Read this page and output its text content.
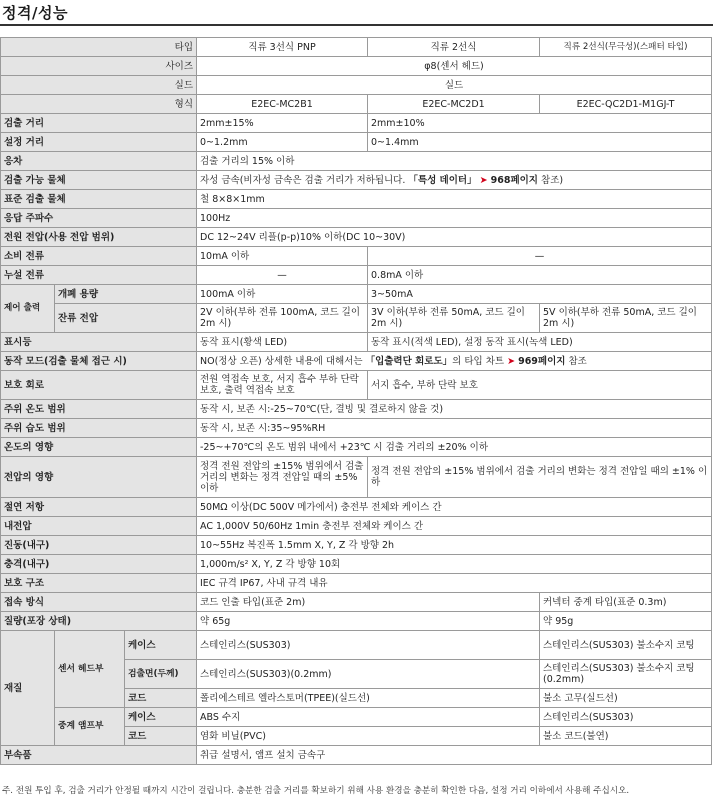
정격/성능
타입			직류 3선식 PNP	직류 2선식	직류 2선식(무극성)(스패터 타입)
사이즈			φ8(센서 헤드)		
실드			실드		
형식			E2EC-MC2B1	E2EC-MC2D1	E2EC-QC2D1-M1GJ-T
검출 거리			2mm±15%	2mm±10%	
설정 거리			0~1.2mm	0~1.4mm	
응차			검출 거리의 15% 이하		
검출 가능 물체			자성 금속(비자성 금속은 검출 거리가 저하됩니다. 「특성 데이터」 ➤ 968페이지 참조)		
표준 검출 물체			철 8×8×1mm		
응답 주파수			100Hz		
전원 전압(사용 전압 범위)			DC 12~24V 리플(p-p)10% 이하(DC 10~30V)		
소비 전류			10mA 이하	—	
누설 전류			—	0.8mA 이하	
제어 출력	개폐 용량		100mA 이하	3~50mA	
	잔류 전압		2V 이하(부하 전류 100mA, 코드 길이 2m 시)	3V 이하(부하 전류 50mA, 코드 길이 2m 시)	5V 이하(부하 전류 50mA, 코드 길이 2m 시)
표시등			동작 표시(황색 LED)	동작 표시(적색 LED), 설정 동작 표시(녹색 LED)	
동작 모드(검출 물체 접근 시)			NO(정상 오픈) 상세한 내용에 대해서는 「입출력단 회로도」의 타입 차트 ➤ 969페이지 참조		
보호 회로			전원 역접속 보호, 서지 흡수 부하 단락 보호, 출력 역접속 보호	서지 흡수, 부하 단락 보호	
주위 온도 범위			동작 시, 보존 시:-25~70℃(단, 결빙 및 결로하지 않을 것)		
주위 습도 범위			동작 시, 보존 시:35~95%RH		
온도의 영향			-25~+70℃의 온도 범위 내에서 +23℃ 시 검출 거리의 ±20% 이하		
전압의 영향			정격 전원 전압의 ±15% 범위에서 검출 거리의 변화는 정격 전압일 때의 ±5% 이하	정격 전원 전압의 ±15% 범위에서 검출 거리의 변화는 정격 전압일 때의 ±1% 이하	
절연 저항			50MΩ 이상(DC 500V 메가에서) 충전부 전체와 케이스 간		
내전압			AC 1,000V 50/60Hz 1min 충전부 전체와 케이스 간		
진동(내구)			10~55Hz 복진폭 1.5mm X, Y, Z 각 방향 2h		
충격(내구)			1,000m/s² X, Y, Z 각 방향 10회		
보호 구조			IEC 규격 IP67, 사내 규격 내유		
접속 방식			코드 인출 타입(표준 2m)		커넥터 중계 타입(표준 0.3m)
질량(포장 상태)			약 65g		약 95g
재질	센서 헤드부	케이스	스테인리스(SUS303)		스테인리스(SUS303) 불소수지 코팅
		검출면(두께)	스테인리스(SUS303)(0.2mm)		스테인리스(SUS303) 불소수지 코팅(0.2mm)
		코드	폴리에스테르 엘라스토머(TPEE)(실드선)		불소 고무(실드선)
	중계 앰프부	케이스	ABS 수지		스테인리스(SUS303)
		코드	염화 비닐(PVC)		불소 코드(불연)
부속품			취급 설명서, 앰프 설치 금속구		
주. 전원 투입 후, 검출 거리가 안정될 때까지 시간이 걸립니다. 충분한 검출 거리를 확보하기 위해 사용 환경을 충분히 확인한 다음, 설정 거리 이하에서 사용해 주십시오.
